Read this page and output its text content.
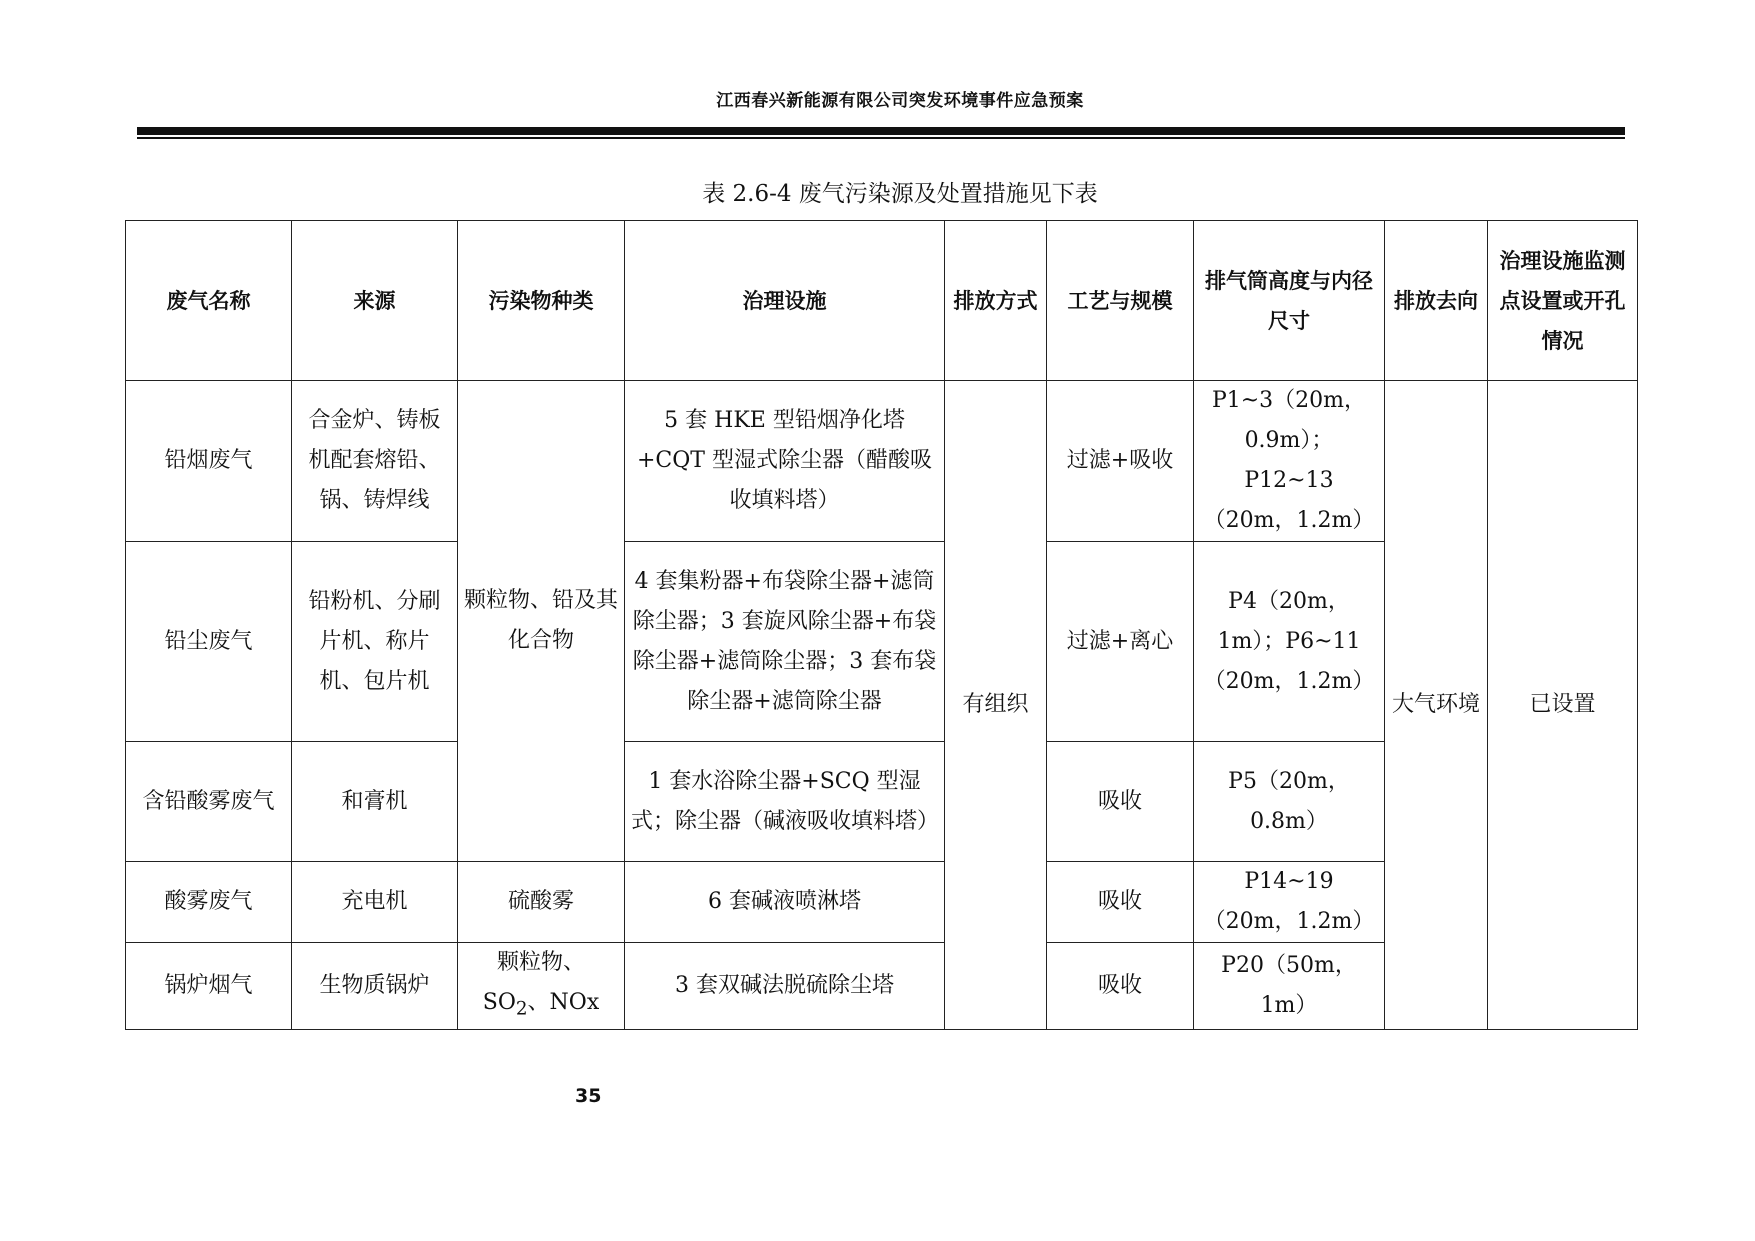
江西春兴新能源有限公司突发环境事件应急预案
表 2.6-4 废气污染源及处置措施见下表
废气名称	来源	污染物种类	治理设施	排放方式	工艺与规模	排气筒高度与内径尺寸	排放去向	治理设施监测点设置或开孔情况
铅烟废气	合金炉、铸板机配套熔铅、锅、铸焊线	颗粒物、铅及其化合物	5 套 HKE 型铅烟净化塔+CQT 型湿式除尘器（醋酸吸收填料塔）	有组织	过滤+吸收	P1~3（20m，0.9m）；P12~13（20m，1.2m）	大气环境	已设置
铅尘废气	铅粉机、分刷片机、称片机、包片机		4 套集粉器+布袋除尘器+滤筒除尘器；3 套旋风除尘器+布袋除尘器+滤筒除尘器；3 套布袋除尘器+滤筒除尘器		过滤+离心	P4（20m，1m）；P6~11（20m，1.2m）		
含铅酸雾废气	和膏机		1 套水浴除尘器+SCQ 型湿式；除尘器（碱液吸收填料塔）		吸收	P5（20m，0.8m）		
酸雾废气	充电机	硫酸雾	6 套碱液喷淋塔		吸收	P14~19（20m，1.2m）		
锅炉烟气	生物质锅炉	颗粒物、$SO_2$、NOx	3 套双碱法脱硫除尘塔		吸收	P20（50m，1m）		
35
